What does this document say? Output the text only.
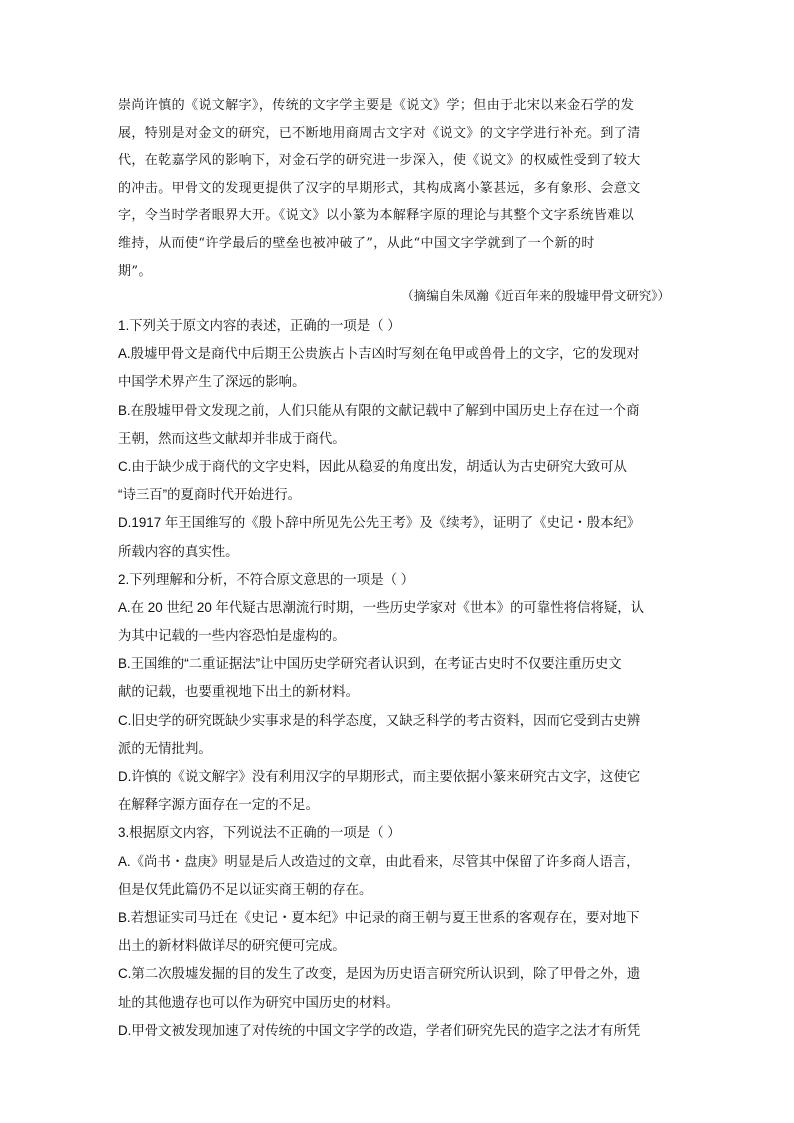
崇尚许慎的《说文解字》，传统的文字学主要是《说文》学；但由于北宋以来金石学的发
展，特别是对金文的研究，已不断地用商周古文字对《说文》的文字学进行补充。到了清
代，在乾嘉学风的影响下，对金石学的研究进一步深入，使《说文》的权威性受到了较大
的冲击。甲骨文的发现更提供了汉字的早期形式，其构成离小篆甚远，多有象形、会意文
字，令当时学者眼界大开。《说文》以小篆为本解释字原的理论与其整个文字系统皆难以
维持，从而使“许学最后的壁垒也被冲破了”，从此“中国文字学就到了一个新的时
期”。
（摘编自朱凤瀚《近百年来的殷墟甲骨文研究》）
1.下列关于原文内容的表述，正确的一项是（ ）
A.殷墟甲骨文是商代中后期王公贵族占卜吉凶时写刻在龟甲或兽骨上的文字，它的发现对
中国学术界产生了深远的影响。
B.在殷墟甲骨文发现之前，人们只能从有限的文献记载中了解到中国历史上存在过一个商
王朝，然而这些文献却并非成于商代。
C.由于缺少成于商代的文字史料，因此从稳妥的角度出发，胡适认为古史研究大致可从
“诗三百”的夏商时代开始进行。
D.1917 年王国维写的《殷卜辞中所见先公先王考》及《续考》，证明了《史记・殷本纪》
所载内容的真实性。
2.下列理解和分析，不符合原文意思的一项是（ ）
A.在 20 世纪 20 年代疑古思潮流行时期，一些历史学家对《世本》的可靠性将信将疑，认
为其中记载的一些内容恐怕是虚构的。
B.王国维的“二重证据法”让中国历史学研究者认识到，在考证古史时不仅要注重历史文
献的记载，也要重视地下出土的新材料。
C.旧史学的研究既缺少实事求是的科学态度，又缺乏科学的考古资料，因而它受到古史辨
派的无情批判。
D.许慎的《说文解字》没有利用汉字的早期形式，而主要依据小篆来研究古文字，这使它
在解释字源方面存在一定的不足。
3.根据原文内容，下列说法不正确的一项是（ ）
A.《尚书・盘庚》明显是后人改造过的文章，由此看来，尽管其中保留了许多商人语言，
但是仅凭此篇仍不足以证实商王朝的存在。
B.若想证实司马迁在《史记・夏本纪》中记录的商王朝与夏王世系的客观存在，要对地下
出土的新材料做详尽的研究便可完成。
C.第二次殷墟发掘的目的发生了改变，是因为历史语言研究所认识到，除了甲骨之外，遗
址的其他遗存也可以作为研究中国历史的材料。
D.甲骨文被发现加速了对传统的中国文字学的改造，学者们研究先民的造字之法才有所凭
